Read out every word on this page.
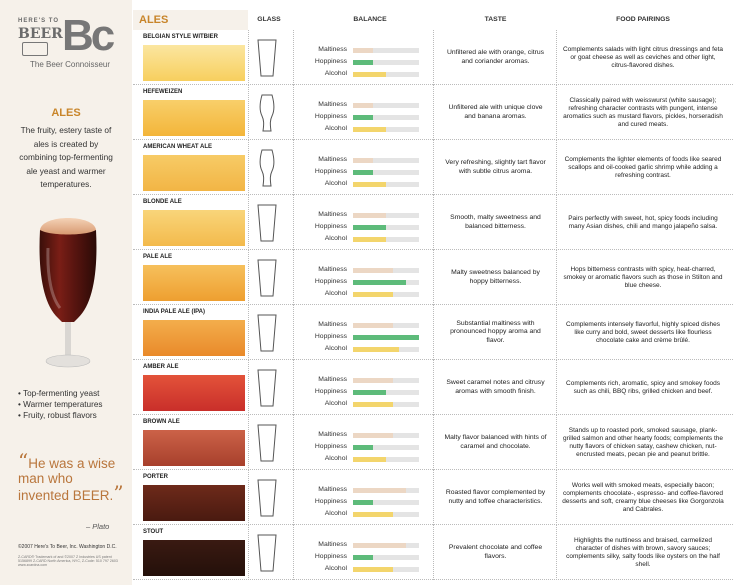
HERE'S TO
BEER Bc
The Beer Connoisseur
ALES
The fruity, estery taste of ales is created by combining top-fermenting ale yeast and warmer temperatures.
• Top-fermenting yeast
• Warmer temperatures
• Fruity, robust flavors
“He was a wise man who invented BEER.”
– Plato
©2007 Here's To Beer, Inc. Washington D.C.
Z-CARD® Trademark of and ©2007 Z Industries US patent 5156899 Z-CARD North America, NYC, Z-Code: 510 797 2603 www.zcardna.com
ALES	GLASS	BALANCE	TASTE	FOOD PAIRINGS
BELGIAN STYLE WITBIER
Maltiness
Hoppiness
Alcohol
Unfiltered ale with orange, citrus and coriander aromas.
Complements salads with light citrus dressings and feta or goat cheese as well as ceviches and other light, citrus-flavored dishes.
HEFEWEIZEN
Maltiness
Hoppiness
Alcohol
Unfiltered ale with unique clove and banana aromas.
Classically paired with weisswurst (white sausage); refreshing character contrasts with pungent, intense aromatics such as mustard flavors, pickles, horseradish and cured meats.
AMERICAN WHEAT ALE
Maltiness
Hoppiness
Alcohol
Very refreshing, slightly tart flavor with subtle citrus aroma.
Complements the lighter elements of foods like seared scallops and oil-cooked garlic shrimp while adding a refreshing contrast.
BLONDE ALE
Maltiness
Hoppiness
Alcohol
Smooth, malty sweetness and balanced bitterness.
Pairs perfectly with sweet, hot, spicy foods including many Asian dishes, chili and mango jalapeño salsa.
PALE ALE
Maltiness
Hoppiness
Alcohol
Malty sweetness balanced by hoppy bitterness.
Hops bitterness contrasts with spicy, heat-charred, smokey or aromatic flavors such as those in Stilton and blue cheese.
INDIA PALE ALE (IPA)
Maltiness
Hoppiness
Alcohol
Substantial maltiness with pronounced hoppy aroma and flavor.
Complements intensely flavorful, highly spiced dishes like curry and bold, sweet desserts like flourless chocolate cake and crème brûlé.
AMBER ALE
Maltiness
Hoppiness
Alcohol
Sweet caramel notes and citrusy aromas with smooth finish.
Complements rich, aromatic, spicy and smokey foods such as chili, BBQ ribs, grilled chicken and beef.
BROWN ALE
Maltiness
Hoppiness
Alcohol
Malty flavor balanced with hints of caramel and chocolate.
Stands up to roasted pork, smoked sausage, plank-grilled salmon and other hearty foods; complements the nutty flavors of chicken satay, cashew chicken, nut-encrusted meats, pecan pie and peanut brittle.
PORTER
Maltiness
Hoppiness
Alcohol
Roasted flavor complemented by nutty and toffee characteristics.
Works well with smoked meats, especially bacon; complements chocolate-, espresso- and coffee-flavored desserts and soft, creamy blue cheeses like Gorgonzola and Cabrales.
STOUT
Maltiness
Hoppiness
Alcohol
Prevalent chocolate and coffee flavors.
Highlights the nuttiness and braised, carmelized character of dishes with brown, savory sauces; complements silky, salty foods like oysters on the half shell.
